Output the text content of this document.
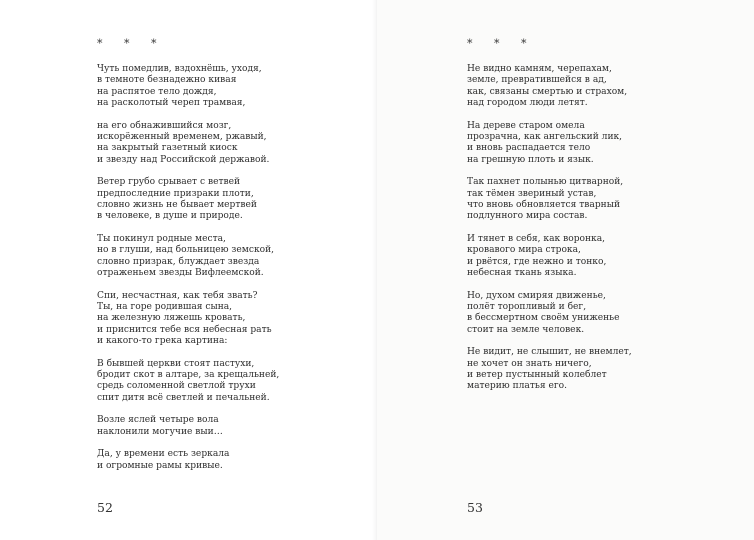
* * *
Чуть помедлив, вздохнёшь, уходя,
в темноте безнадежно кивая
на распятое тело дождя,
на расколотый череп трамвая,
на его обнажившийся мозг,
искорёженный временем, ржавый,
на закрытый газетный киоск
и звезду над Российской державой.
Ветер грубо срывает с ветвей
предпоследние призраки плоти,
словно жизнь не бывает мертвей
в человеке, в душе и природе.
Ты покинул родные места,
но в глуши, над больницею земской,
словно призрак, блуждает звезда
отраженьем звезды Вифлеемской.
Спи, несчастная, как тебя звать?
Ты, на горе родившая сына,
на железную ляжешь кровать,
и приснится тебе вся небесная рать
и какого-то грека картина:
В бывшей церкви стоят пастухи,
бродит скот в алтаре, за крещальней,
средь соломенной светлой трухи
спит дитя всё светлей и печальней.
Возле яслей четыре вола
наклонили могучие выи…
Да, у времени есть зеркала
и огромные рамы кривые.
52
* * *
Не видно камням, черепахам,
земле, превратившейся в ад,
как, связаны смертью и страхом,
над городом люди летят.
На дереве старом омела
прозрачна, как ангельский лик,
и вновь распадается тело
на грешную плоть и язык.
Так пахнет полынью цитварной,
так тёмен звериный устав,
что вновь обновляется тварный
подлунного мира состав.
И тянет в себя, как воронка,
кровавого мира строка,
и рвётся, где нежно и тонко,
небесная ткань языка.
Но, духом смиряя движенье,
полёт торопливый и бег,
в бессмертном своём униженье
стоит на земле человек.
Не видит, не слышит, не внемлет,
не хочет он знать ничего,
и ветер пустынный колеблет
материю платья его.
53
